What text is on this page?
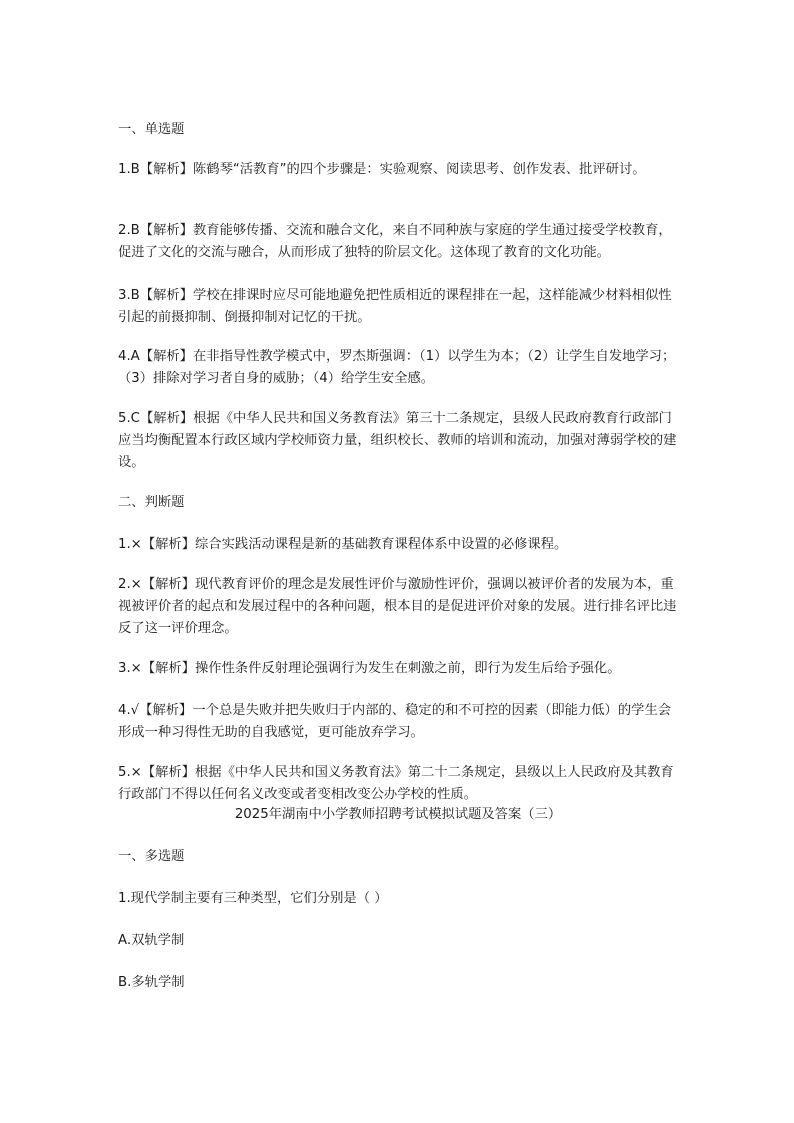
一、单选题

1.B【解析】陈鹤琴“活教育”的四个步骤是：实验观察、阅读思考、创作发表、批评研讨。

2.B【解析】教育能够传播、交流和融合文化，来自不同种族与家庭的学生通过接受学校教育，促进了文化的交流与融合，从而形成了独特的阶层文化。这体现了教育的文化功能。

3.B【解析】学校在排课时应尽可能地避免把性质相近的课程排在一起，这样能减少材料相似性引起的前摄抑制、倒摄抑制对记忆的干扰。

4.A【解析】在非指导性教学模式中，罗杰斯强调：（1）以学生为本；（2）让学生自发地学习；（3）排除对学习者自身的威胁；（4）给学生安全感。

5.C【解析】根据《中华人民共和国义务教育法》第三十二条规定，县级人民政府教育行政部门应当均衡配置本行政区域内学校师资力量，组织校长、教师的培训和流动，加强对薄弱学校的建设。

二、判断题

1.×【解析】综合实践活动课程是新的基础教育课程体系中设置的必修课程。

2.×【解析】现代教育评价的理念是发展性评价与激励性评价，强调以被评价者的发展为本，重视被评价者的起点和发展过程中的各种问题，根本目的是促进评价对象的发展。进行排名评比违反了这一评价理念。

3.×【解析】操作性条件反射理论强调行为发生在刺激之前，即行为发生后给予强化。

4.√【解析】一个总是失败并把失败归于内部的、稳定的和不可控的因素（即能力低）的学生会形成一种习得性无助的自我感觉，更可能放弃学习。

5.×【解析】根据《中华人民共和国义务教育法》第二十二条规定，县级以上人民政府及其教育行政部门不得以任何名义改变或者变相改变公办学校的性质。

2025年湖南中小学教师招聘考试模拟试题及答案（三）

一、多选题

1.现代学制主要有三种类型，它们分别是（ ）

A.双轨学制

B.多轨学制
